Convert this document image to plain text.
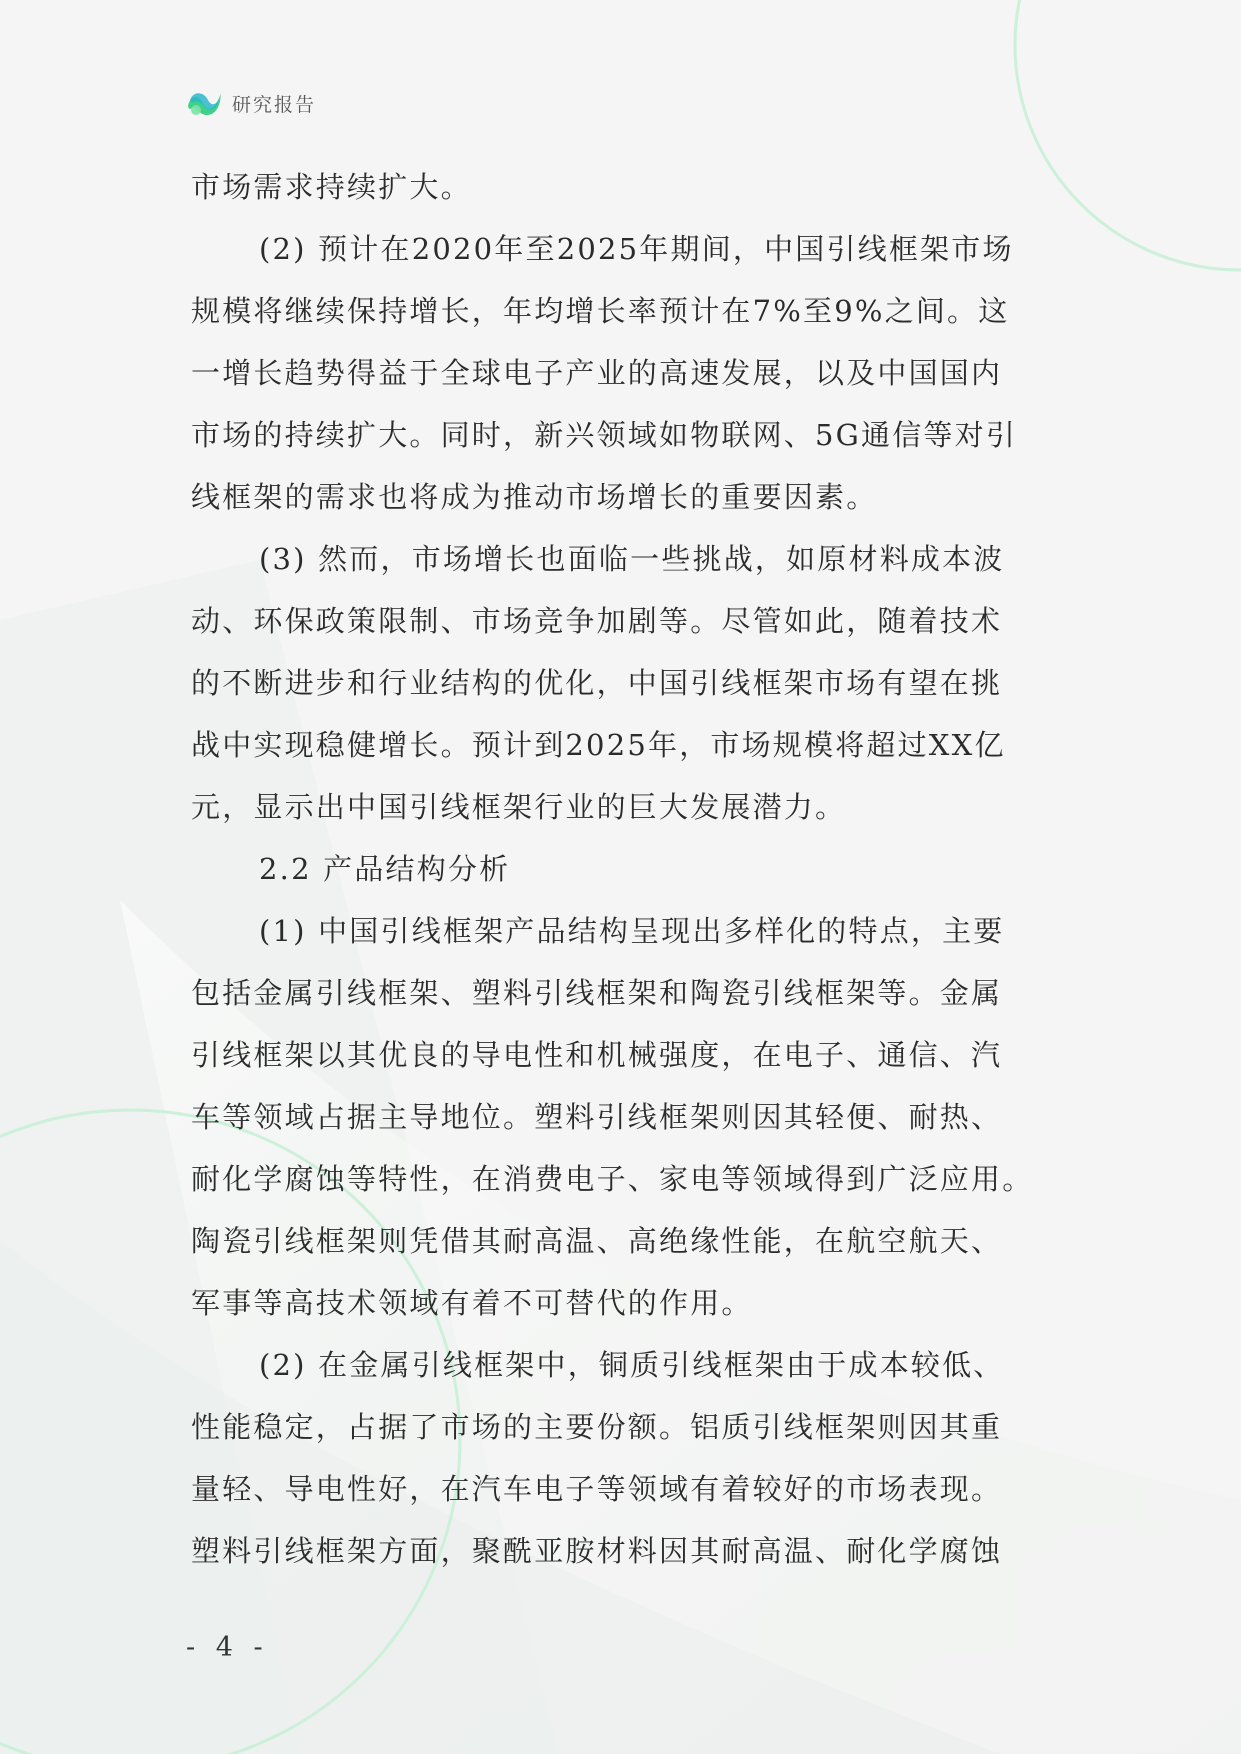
研究报告
市场需求持续扩大。
(2) 预计在2020年至2025年期间，中国引线框架市场
规模将继续保持增长，年均增长率预计在7%至9%之间。这
一增长趋势得益于全球电子产业的高速发展，以及中国国内
市场的持续扩大。同时，新兴领域如物联网、5G通信等对引
线框架的需求也将成为推动市场增长的重要因素。
(3) 然而，市场增长也面临一些挑战，如原材料成本波
动、环保政策限制、市场竞争加剧等。尽管如此，随着技术
的不断进步和行业结构的优化，中国引线框架市场有望在挑
战中实现稳健增长。预计到2025年，市场规模将超过XX亿
元，显示出中国引线框架行业的巨大发展潜力。
2.2 产品结构分析
(1) 中国引线框架产品结构呈现出多样化的特点，主要
包括金属引线框架、塑料引线框架和陶瓷引线框架等。金属
引线框架以其优良的导电性和机械强度，在电子、通信、汽
车等领域占据主导地位。塑料引线框架则因其轻便、耐热、
耐化学腐蚀等特性，在消费电子、家电等领域得到广泛应用。
陶瓷引线框架则凭借其耐高温、高绝缘性能，在航空航天、
军事等高技术领域有着不可替代的作用。
(2) 在金属引线框架中，铜质引线框架由于成本较低、
性能稳定，占据了市场的主要份额。铝质引线框架则因其重
量轻、导电性好，在汽车电子等领域有着较好的市场表现。
塑料引线框架方面，聚酰亚胺材料因其耐高温、耐化学腐蚀
- 4 -
